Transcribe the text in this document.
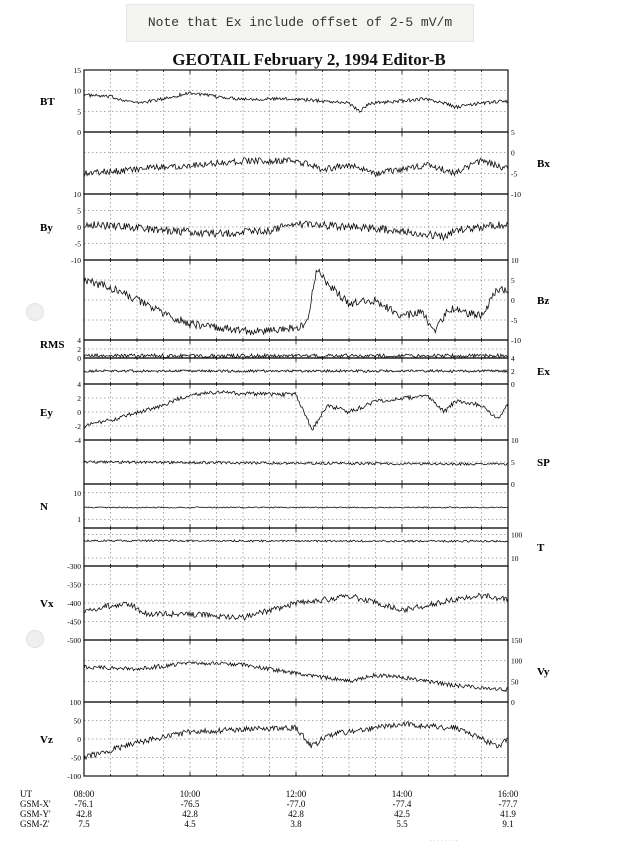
Note that Ex include offset of 2-5 mV/m
GEOTAIL February 2, 1994 Editor-B
· · · · · · · ·
0
5
10
15
BT
-10
-5
0
5
Bx
-10
-5
0
5
10
By
-10
-5
0
5
10
Bz
0
2
4
RMS
0
2
4
Ex
-4
-2
0
2
4
Ey
0
5
10
SP
1
10
N
10
100
T
-500
-450
-400
-350
-300
Vx
0
50
100
150
Vy
-100
-50
0
50
100
Vz
UT	08:00	10:00	12:00	14:00	16:00
GSM-X'	-76.1	-76.5	-77.0	-77.4	-77.7
GSM-Y'	42.8	42.8	42.8	42.5	41.9
GSM-Z'	7.5	4.5	3.8	5.5	9.1
